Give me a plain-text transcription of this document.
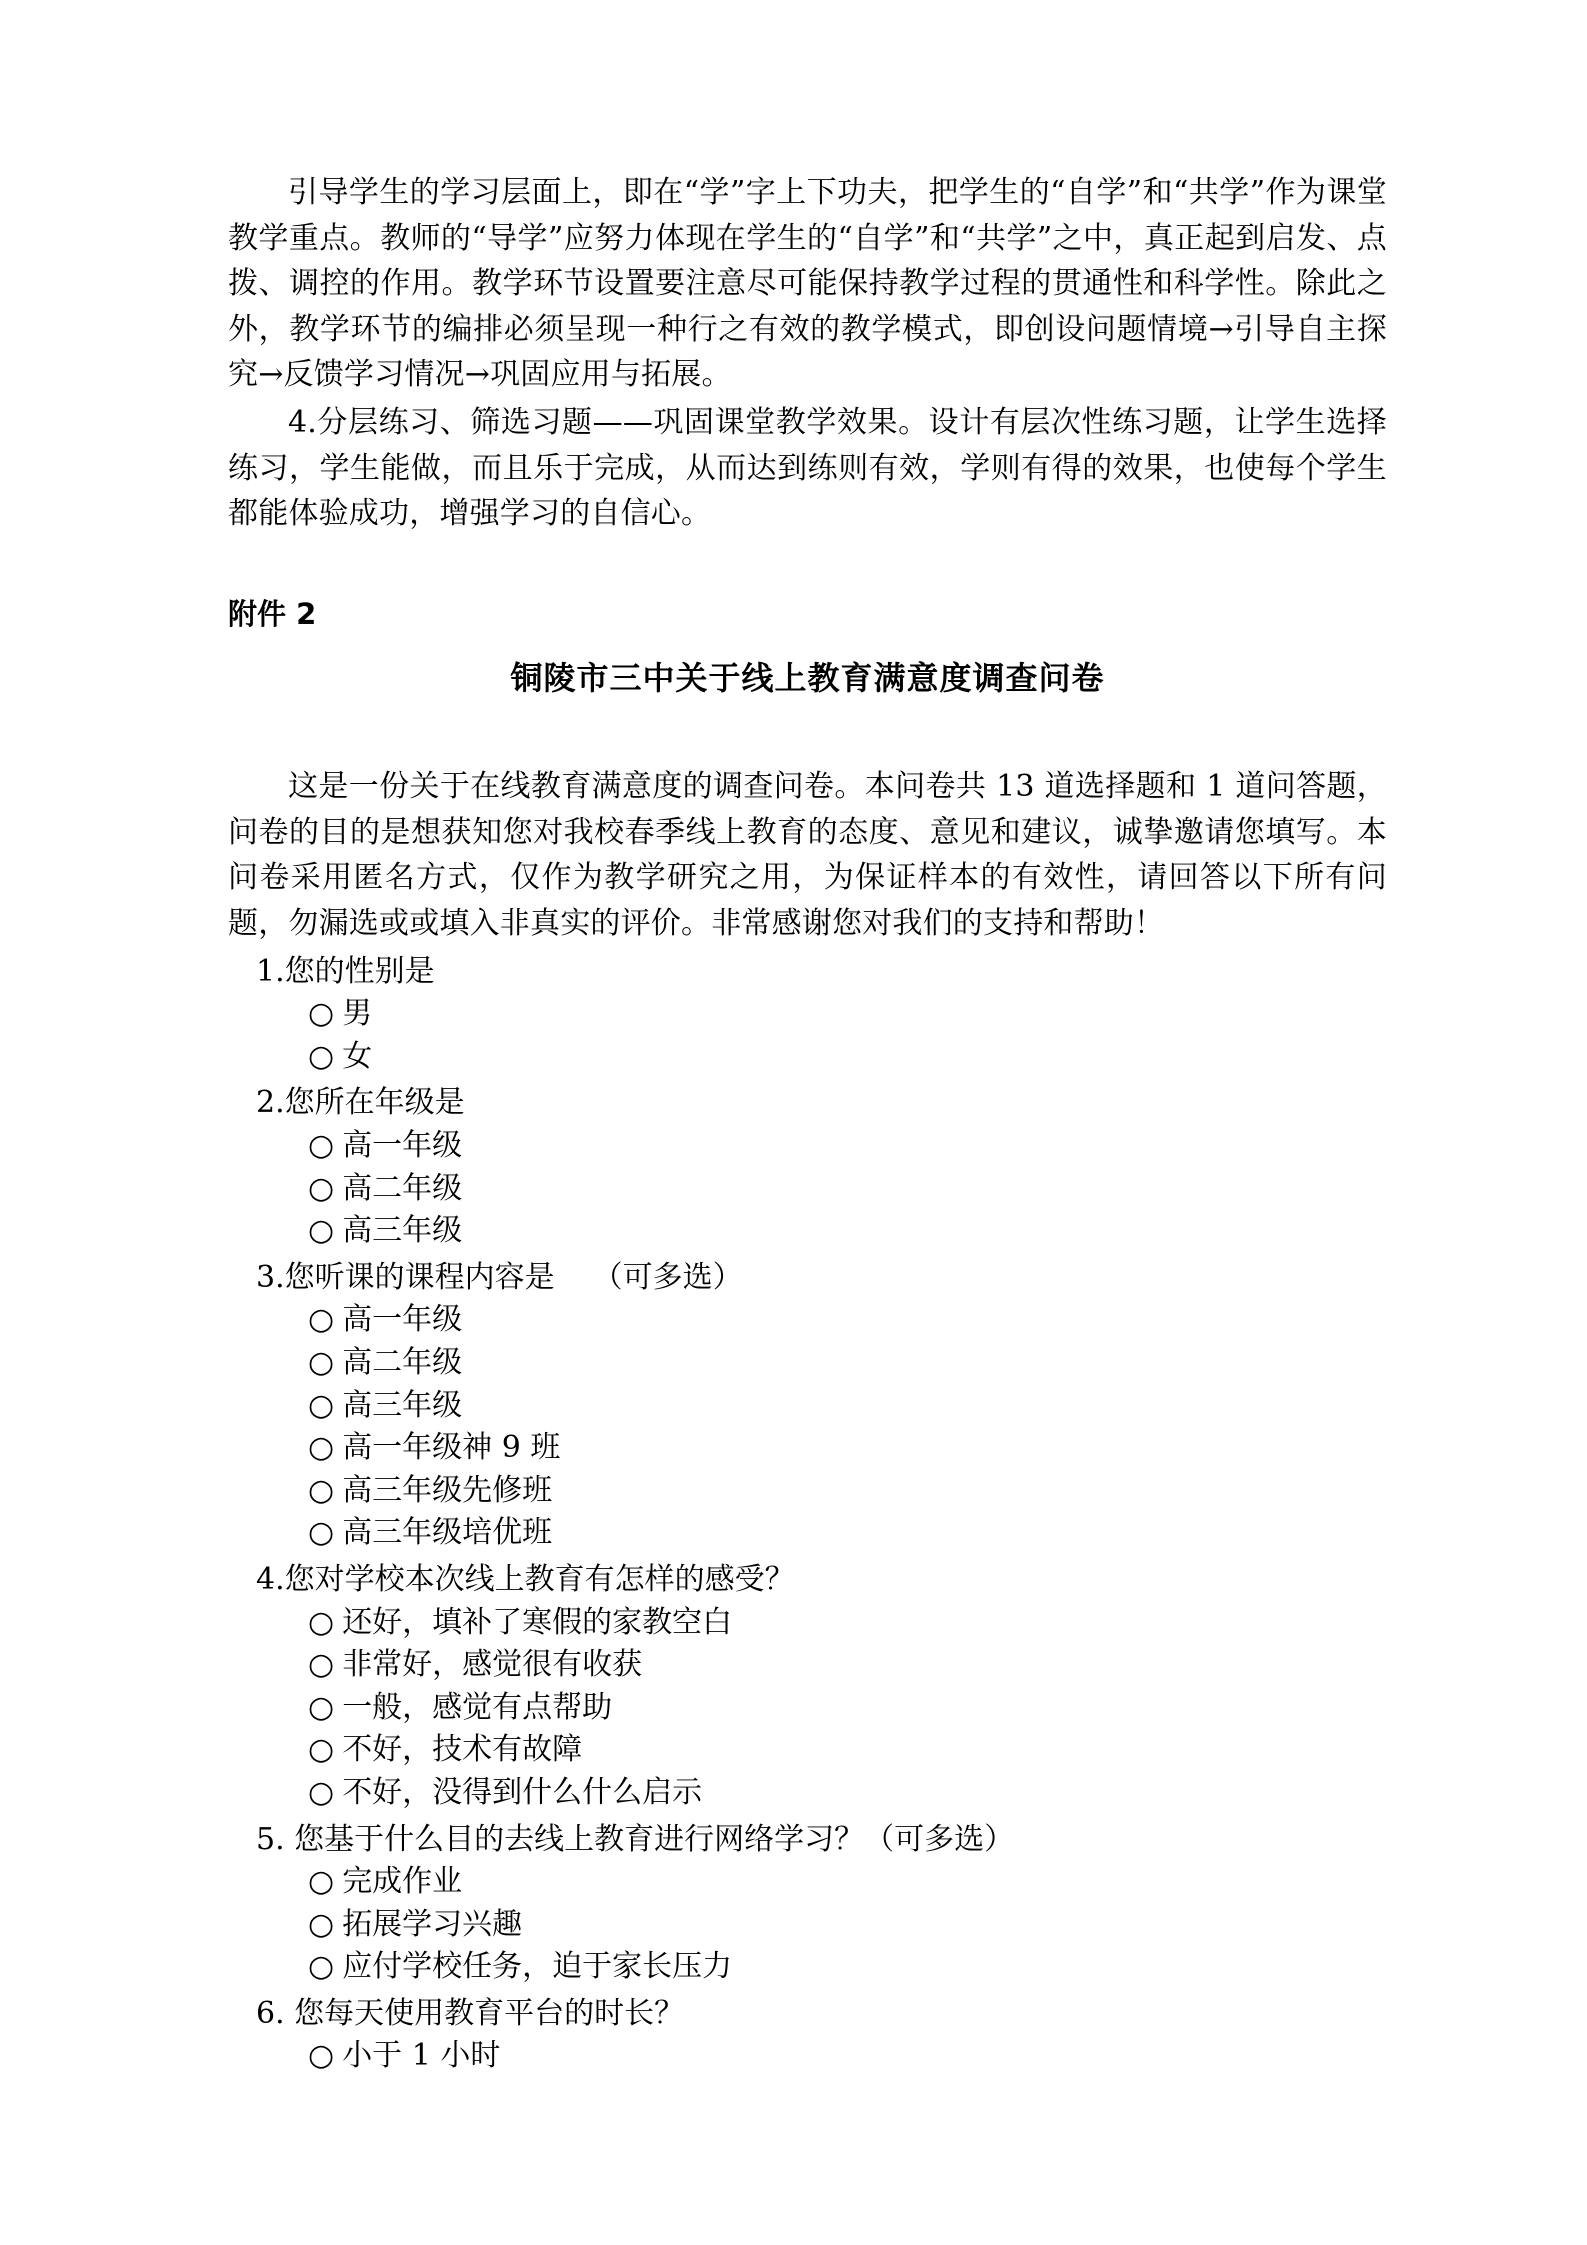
引导学生的学习层面上，即在“学”字上下功夫，把学生的“自学”和“共学”作为课堂教学重点。教师的“导学”应努力体现在学生的“自学”和“共学”之中，真正起到启发、点拨、调控的作用。教学环节设置要注意尽可能保持教学过程的贯通性和科学性。除此之外，教学环节的编排必须呈现一种行之有效的教学模式，即创设问题情境→引导自主探究→反馈学习情况→巩固应用与拓展。

4.分层练习、筛选习题——巩固课堂教学效果。设计有层次性练习题，让学生选择练习，学生能做，而且乐于完成，从而达到练则有效，学则有得的效果，也使每个学生都能体验成功，增强学习的自信心。

附件 2

铜陵市三中关于线上教育满意度调查问卷

这是一份关于在线教育满意度的调查问卷。本问卷共 13 道选择题和 1 道问答题，问卷的目的是想获知您对我校春季线上教育的态度、意见和建议，诚挚邀请您填写。本问卷采用匿名方式，仅作为教学研究之用，为保证样本的有效性，请回答以下所有问题，勿漏选或或填入非真实的评价。非常感谢您对我们的支持和帮助！

1.您的性别是
○ 男
○ 女
2.您所在年级是
○ 高一年级
○ 高二年级
○ 高三年级
3.您听课的课程内容是 （可多选）
○ 高一年级
○ 高二年级
○ 高三年级
○ 高一年级神 9 班
○ 高三年级先修班
○ 高三年级培优班
4.您对学校本次线上教育有怎样的感受？
○ 还好，填补了寒假的家教空白
○ 非常好，感觉很有收获
○ 一般，感觉有点帮助
○ 不好，技术有故障
○ 不好，没得到什么什么启示
5. 您基于什么目的去线上教育进行网络学习？（可多选）
○ 完成作业
○ 拓展学习兴趣
○ 应付学校任务，迫于家长压力
6. 您每天使用教育平台的时长？
○ 小于 1 小时
